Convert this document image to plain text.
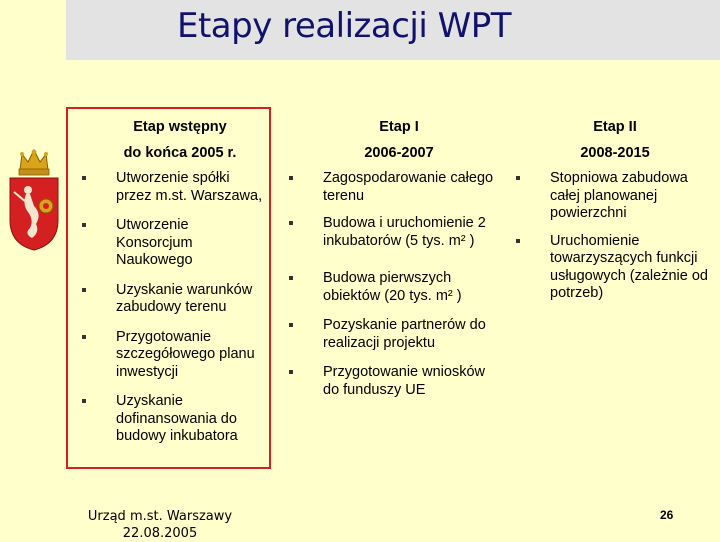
Etapy realizacji WPT
Etap wstępny
do końca 2005 r.
Utworzenie spółki przez m.st. Warszawa,
Utworzenie Konsorcjum Naukowego
Uzyskanie warunków zabudowy terenu
Przygotowanie szczegółowego planu inwestycji
Uzyskanie dofinansowania do budowy inkubatora
Etap I
2006-2007
Zagospodarowanie całego terenu
Budowa i uruchomienie 2 inkubatorów (5 tys. m² )
Budowa pierwszych obiektów (20 tys. m² )
Pozyskanie partnerów do realizacji projektu
Przygotowanie wniosków do funduszy UE
Etap II
2008-2015
Stopniowa zabudowa całej planowanej powierzchni
Uruchomienie towarzyszących funkcji usługowych (zależnie od potrzeb)
Urząd m.st. Warszawy
22.08.2005
26
